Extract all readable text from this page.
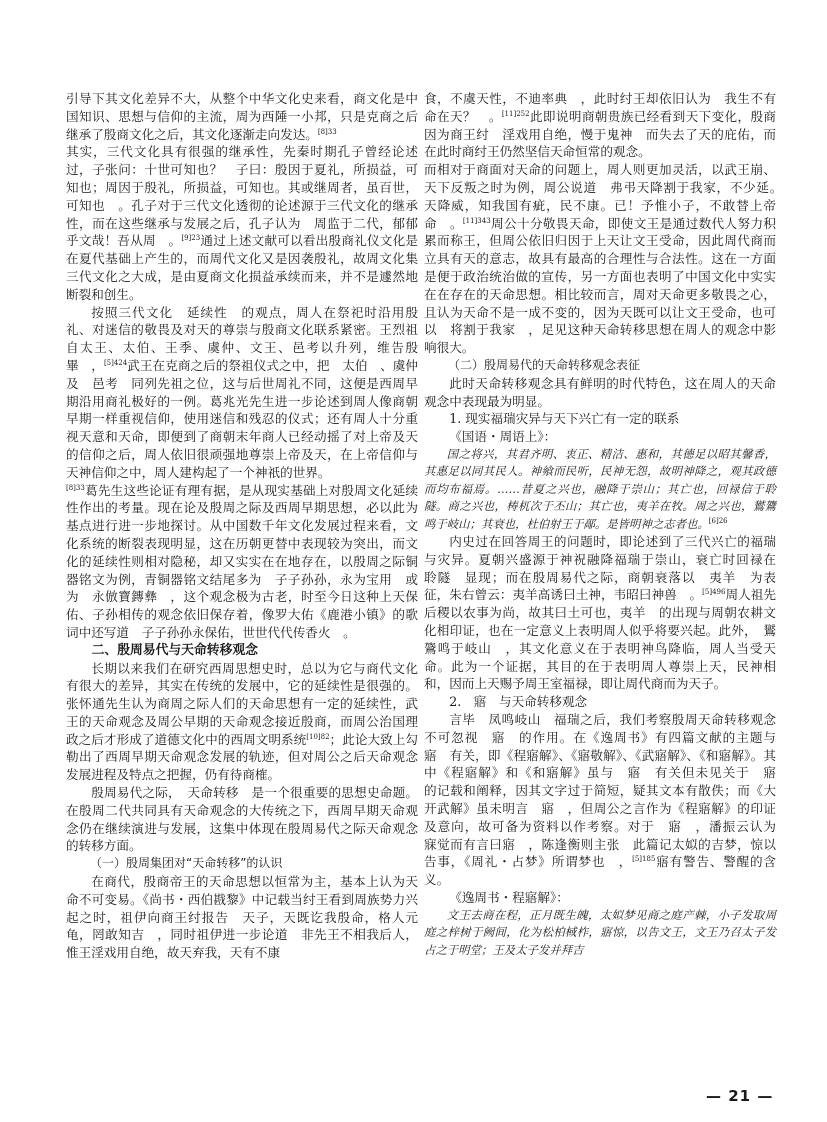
引导下其文化差异不大，从整个中华文化史来看，商文化是中国知识、思想与信仰的主流，周为西陲一小邦，只是克商之后继承了殷商文化之后，其文化逐渐走向发达。$^{[8]33}$

其实，三代文化具有很强的继承性，先秦时期孔子曾经论述过，子张问：十世可知也？　子曰：殷因于夏礼，所损益，可知也；周因于殷礼，所损益，可知也。其或继周者，虽百世，可知也　。孔子对于三代文化透彻的论述源于三代文化的继承性，而在这些继承与发展之后，孔子认为　周监于二代，郁郁乎文哉！吾从周　。$^{[9]23}$通过上述文献可以看出殷商礼仪文化是在夏代基础上产生的，而周代文化又是因袭殷礼，故周文化集三代文化之大成，是由夏商文化损益承续而来，并不是遽然地断裂和创生。

按照三代文化　延续性　的观点，周人在祭祀时沿用殷礼、对迷信的敬畏及对天的尊崇与殷商文化联系紧密。王烈祖自太王、太伯、王季、虞仲、文王、邑考以升列，维告殷畢　，$^{[5]424}$武王在克商之后的祭祖仪式之中，把　太伯　、虞仲　及　邑考　同列先祖之位，这与后世周礼不同，这便是西周早期沿用商礼极好的一例。葛兆光先生进一步论述到周人像商朝早期一样重视信仰，使用迷信和残忍的仪式；还有周人十分重视天意和天命，即便到了商朝末年商人已经动摇了对上帝及天的信仰之后，周人依旧很顽强地尊崇上帝及天，在上帝信仰与天神信仰之中，周人建构起了一个神祇的世界。

$^{[8]33}$葛先生这些论证有理有据，是从现实基础上对殷周文化延续性作出的考量。现在论及殷周之际及西周早期思想，必以此为基点进行进一步地探讨。从中国数千年文化发展过程来看，文化系统的断裂表现明显，这在历朝更替中表现较为突出，而文化的延续性则相对隐秘，却又实实在在地存在，以殷周之际铜器铭文为例，青铜器铭文结尾多为　子子孙孙，永为宝用　或为　永倣寶鏄彝　，这个观念极为古老，时至今日这种上天保佑、子孙相传的观念依旧保存着，像罗大佑《鹿港小镇》的歌词中还写道　子子孙孙永保佑，世世代代传香火　。

二、殷周易代与天命转移观念

长期以来我们在研究西周思想史时，总以为它与商代文化有很大的差异，其实在传统的发展中，它的延续性是很强的。张怀通先生认为商周之际人们的天命思想有一定的延续性，武王的天命观念及周公早期的天命观念接近殷商，而周公治国理政之后才形成了道德文化中的西周文明系统$^{[10]82}$；此论大致上勾勒出了西周早期天命观念发展的轨迹，但对周公之后天命观念发展进程及特点之把握，仍有待商榷。

殷周易代之际，　天命转移　是一个很重要的思想史命题。在殷周二代共同具有天命观念的大传统之下，西周早期天命观念仍在继续演进与发展，这集中体现在殷周易代之际天命观念的转移方面。

（一）殷周集团对“天命转移”的认识

在商代，殷商帝王的天命思想以恒常为主，基本上认为天命不可变易。《尚书・西伯戡黎》中记载当纣王看到周族势力兴起之时，祖伊向商王纣报告　天子，天既讫我殷命，格人元龟，罔敢知吉　，同时祖伊进一步论道　非先王不相我后人，惟王淫戏用自绝，故天弃我，天有不康

食，不虞天性，不迪率典　，此时纣王却依旧认为　我生不有命在天？　。$^{[11]252}$此即说明商朝贵族已经看到天下变化，殷商因为商王纣　淫戏用自绝，慢于鬼神　而失去了天的庇佑，而在此时商纣王仍然坚信天命恒常的观念。

而相对于商面对天命的问题上，周人则更加灵活，以武王崩、天下反叛之时为例，周公说道　弗弔天降割于我家，不少延。　天降威，知我国有疵，民不康。已！予惟小子，不敢替上帝命　。$^{[11]343}$周公十分敬畏天命，即使文王是通过数代人努力积累而称王，但周公依旧归因于上天让文王受命，因此周代商而立具有天的意志，故具有最高的合理性与合法性。这在一方面是便于政治统治做的宣传，另一方面也表明了中国文化中实实在在存在的天命思想。相比较而言，周对天命更多敬畏之心，且认为天命不是一成不变的，因为天既可以让文王受命，也可以　将割于我家　，足见这种天命转移思想在周人的观念中影响很大。

（二）殷周易代的天命转移观念表征

此时天命转移观念具有鲜明的时代特色，这在周人的天命观念中表现最为明显。

1. 现实福瑞灾异与天下兴亡有一定的联系

《国语・周语上》：

国之将兴，其君齐明、衷正、精洁、惠和，其德足以昭其馨香，其惠足以同其民人。神飨而民听，民神无怨，故明神降之，观其政德而均布福焉。……昔夏之兴也，融降于崇山；其亡也，回禄信于聆隧。商之兴也，梼杌次于丕山；其亡也，夷羊在牧。周之兴也，鸑鷟鸣于岐山；其衰也，杜伯射王于鄗。是皆明神之志者也。$^{[6]26}$

内史过在回答周王的问题时，即论述到了三代兴亡的福瑞与灾异。夏朝兴盛源于神祝融降福瑞于崇山，衰亡时回禄在　聆隧　显现；而在殷周易代之际，商朝衰落以　夷羊　为表征，朱右曾云：夷羊高诱曰土神，韦昭曰神兽　。$^{[5]496}$周人祖先后稷以农事为尚，故其曰土可也，夷羊　的出现与周朝农耕文化相印证，也在一定意义上表明周人似乎将要兴起。此外，　鸑鷟鸣于岐山　，其文化意义在于表明神鸟降临，周人当受天命。此为一个证据，其目的在于表明周人尊崇上天，民神相和，因而上天赐予周王室福禄，即让周代商而为天子。

2.　寤　与天命转移观念

言毕　凤鸣岐山　福瑞之后，我们考察殷周天命转移观念不可忽视　寤　的作用。在《逸周书》有四篇文献的主题与　寤　有关，即《程寤解》、《寤敬解》、《武寤解》、《和寤解》。其中《程寤解》和《和寤解》虽与　寤　有关但未见关于　寤　的记载和阐释，因其文字过于简短，疑其文本有散佚；而《大开武解》虽未明言　寤　，但周公之言作为《程寤解》的印证及意向，故可备为资料以作考察。对于　寤　，潘振云认为　寐觉而有言曰寤　，陈逢衡则主张　此篇记太姒的吉梦，惊以告事，《周礼・占梦》所谓梦也　，$^{[5]185}$寤有警告、警醒的含义。

《逸周书・程寤解》：

文王去商在程，正月既生魄，太姒梦见商之庭产棘，小子发取周庭之梓树于阙间，化为松柏棫柞，寤惊，以告文王，文王乃召太子发占之于明堂；王及太子发并拜吉

— 21 —
